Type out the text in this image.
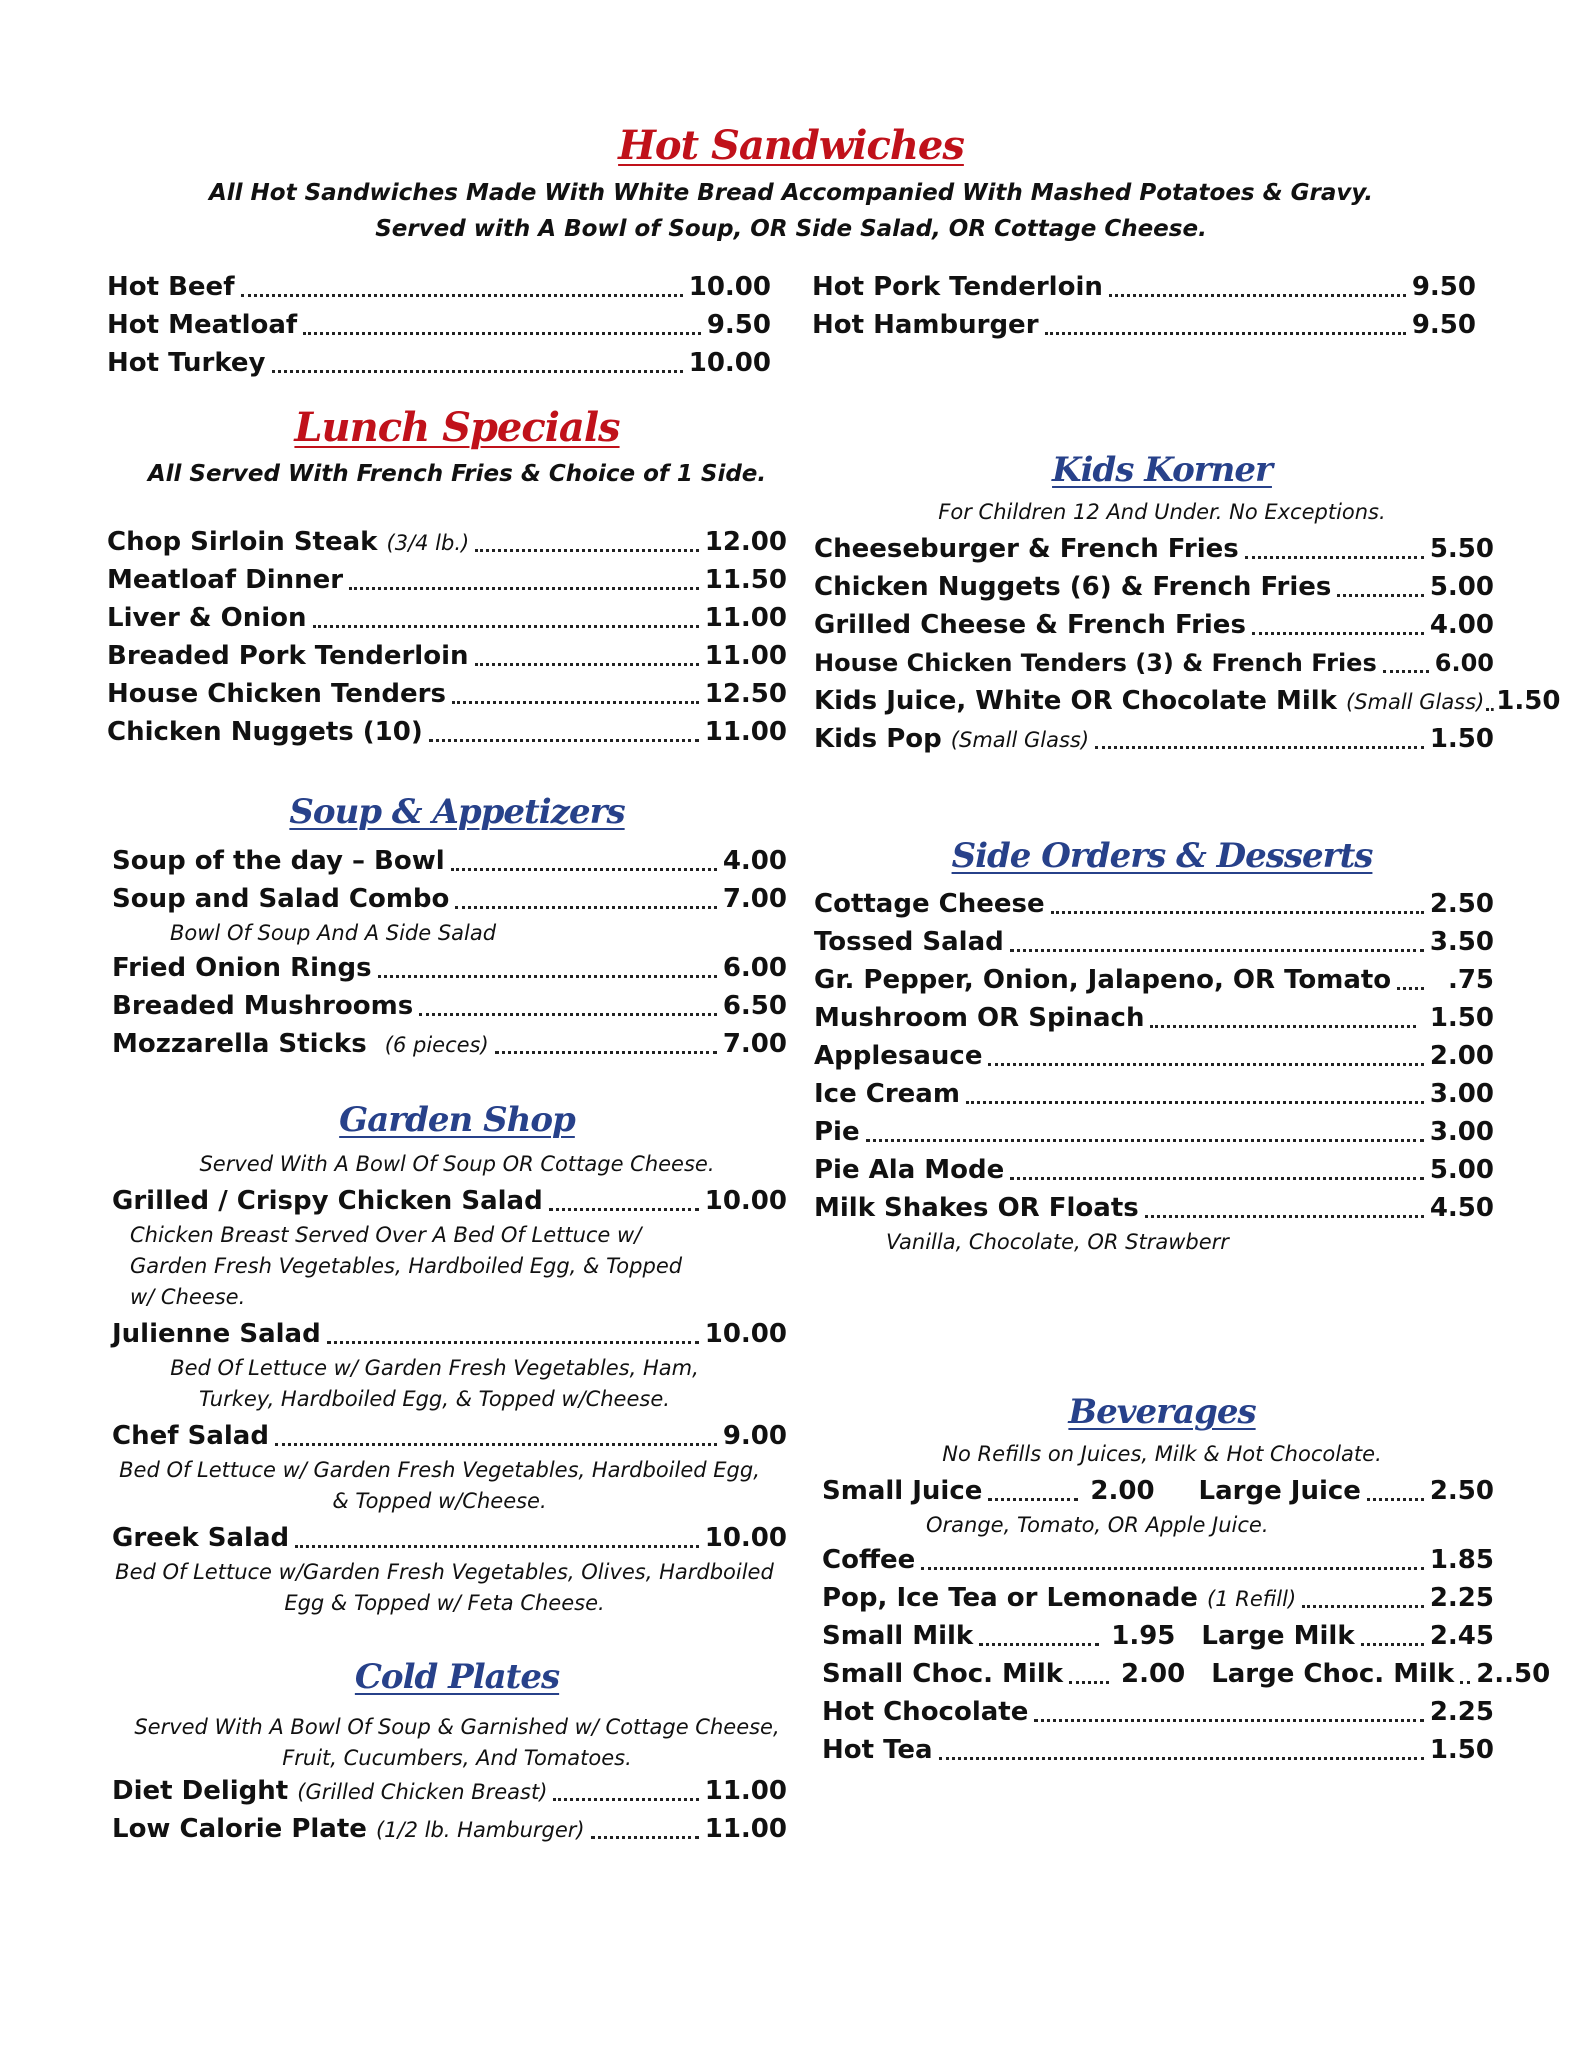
Hot Sandwiches
All Hot Sandwiches Made With White Bread Accompanied With Mashed Potatoes & Gravy.
Served with A Bowl of Soup, OR Side Salad, OR Cottage Cheese.
Hot Beef	10.00
Hot Meatloaf	9.50
Hot Turkey	10.00
Hot Pork Tenderloin	9.50
Hot Hamburger	9.50
Lunch Specials
All Served With French Fries & Choice of 1 Side.
Chop Sirloin Steak (3/4 lb.)	12.00
Meatloaf Dinner	11.50
Liver & Onion	11.00
Breaded Pork Tenderloin	11.00
House Chicken Tenders	12.50
Chicken Nuggets (10)	11.00
Kids Korner
For Children 12 And Under. No Exceptions.
Cheeseburger & French Fries	5.50
Chicken Nuggets (6) & French Fries	5.00
Grilled Cheese & French Fries	4.00
House Chicken Tenders (3) & French Fries 6.00
Kids Juice, White OR Chocolate Milk (Small Glass) 1.50
Kids Pop (Small Glass)	1.50
Soup & Appetizers
Soup of the day – Bowl	4.00
Soup and Salad Combo	7.00
Bowl Of Soup And A Side Salad
Fried Onion Rings	6.00
Breaded Mushrooms	6.50
Mozzarella Sticks (6 pieces)	7.00
Side Orders & Desserts
Cottage Cheese	2.50
Tossed Salad	3.50
Gr. Pepper, Onion, Jalapeno, OR Tomato .75
Mushroom OR Spinach	1.50
Applesauce	2.00
Ice Cream	3.00
Pie	3.00
Pie Ala Mode	5.00
Milk Shakes OR Floats	4.50
Vanilla, Chocolate, OR Strawberr
Garden Shop
Served With A Bowl Of Soup OR Cottage Cheese.
Grilled / Crispy Chicken Salad	10.00
Chicken Breast Served Over A Bed Of Lettuce w/ Garden Fresh Vegetables, Hardboiled Egg, & Topped w/ Cheese.
Julienne Salad	10.00
Bed Of Lettuce w/ Garden Fresh Vegetables, Ham, Turkey, Hardboiled Egg, & Topped w/Cheese.
Chef Salad	9.00
Bed Of Lettuce w/ Garden Fresh Vegetables, Hardboiled Egg, & Topped w/Cheese.
Greek Salad	10.00
Bed Of Lettuce w/Garden Fresh Vegetables, Olives, Hardboiled Egg & Topped w/ Feta Cheese.
Beverages
No Refills on Juices, Milk & Hot Chocolate.
Small Juice	2.00 Large Juice	2.50
Orange, Tomato, OR Apple Juice.
Coffee	1.85
Pop, Ice Tea or Lemonade (1 Refill)	2.25
Small Milk	1.95 Large Milk	2.45
Small Choc. Milk 2.00 Large Choc. Milk 2..50
Hot Chocolate	2.25
Hot Tea	1.50
Cold Plates
Served With A Bowl Of Soup & Garnished w/ Cottage Cheese, Fruit, Cucumbers, And Tomatoes.
Diet Delight (Grilled Chicken Breast)	11.00
Low Calorie Plate (1/2 lb. Hamburger)	11.00
